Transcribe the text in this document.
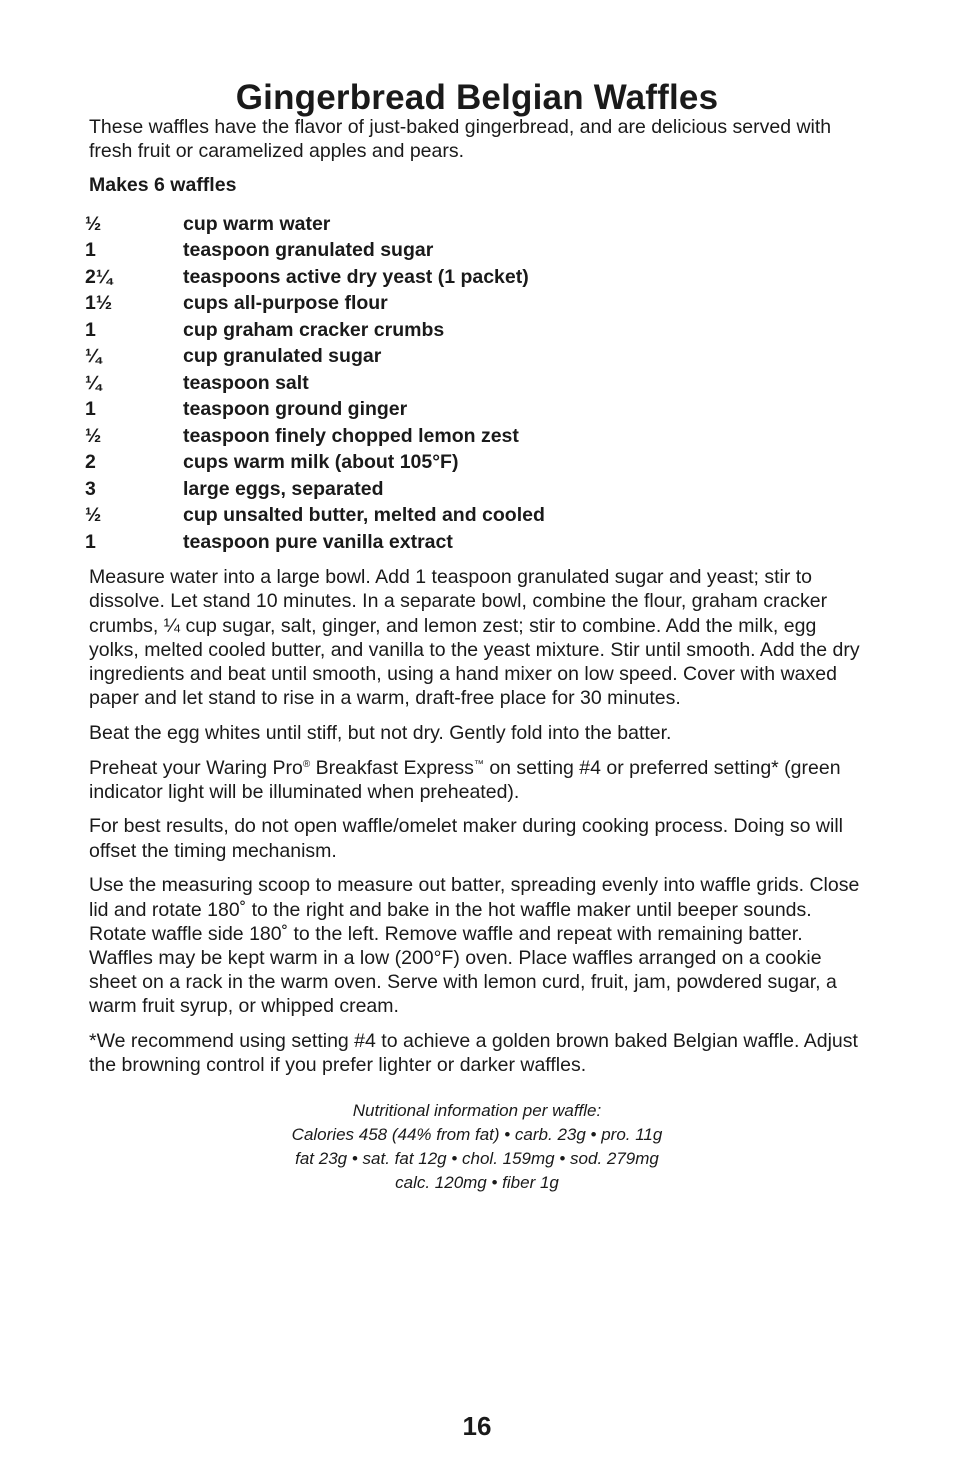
Gingerbread Belgian Waffles

These waffles have the flavor of just-baked gingerbread, and are delicious served with fresh fruit or caramelized apples and pears.

Makes 6 waffles

½	cup warm water
1	teaspoon granulated sugar
2¼	teaspoons active dry yeast (1 packet)
1½	cups all-purpose flour
1	cup graham cracker crumbs
¼	cup granulated sugar
¼	teaspoon salt
1	teaspoon ground ginger
½	teaspoon finely chopped lemon zest
2	cups warm milk (about 105°F)
3	large eggs, separated
½	cup unsalted butter, melted and cooled
1	teaspoon pure vanilla extract

Measure water into a large bowl. Add 1 teaspoon granulated sugar and yeast; stir to dissolve. Let stand 10 minutes. In a separate bowl, combine the flour, graham cracker crumbs, ¼ cup sugar, salt, ginger, and lemon zest; stir to combine. Add the milk, egg yolks, melted cooled butter, and vanilla to the yeast mixture. Stir until smooth. Add the dry ingredients and beat until smooth, using a hand mixer on low speed. Cover with waxed paper and let stand to rise in a warm, draft-free place for 30 minutes.

Beat the egg whites until stiff, but not dry. Gently fold into the batter.

Preheat your Waring Pro® Breakfast Express™ on setting #4 or preferred setting* (green indicator light will be illuminated when preheated).

For best results, do not open waffle/omelet maker during cooking process. Doing so will offset the timing mechanism.

Use the measuring scoop to measure out batter, spreading evenly into waffle grids. Close lid and rotate 180˚ to the right and bake in the hot waffle maker until beeper sounds. Rotate waffle side 180˚ to the left. Remove waffle and repeat with remaining batter. Waffles may be kept warm in a low (200°F) oven. Place waffles arranged on a cookie sheet on a rack in the warm oven. Serve with lemon curd, fruit, jam, powdered sugar, a warm fruit syrup, or whipped cream.

*We recommend using setting #4 to achieve a golden brown baked Belgian waffle. Adjust the browning control if you prefer lighter or darker waffles.

Nutritional information per waffle:
Calories 458 (44% from fat) • carb. 23g • pro. 11g
fat 23g • sat. fat 12g • chol. 159mg • sod. 279mg
calc. 120mg • fiber 1g
16
